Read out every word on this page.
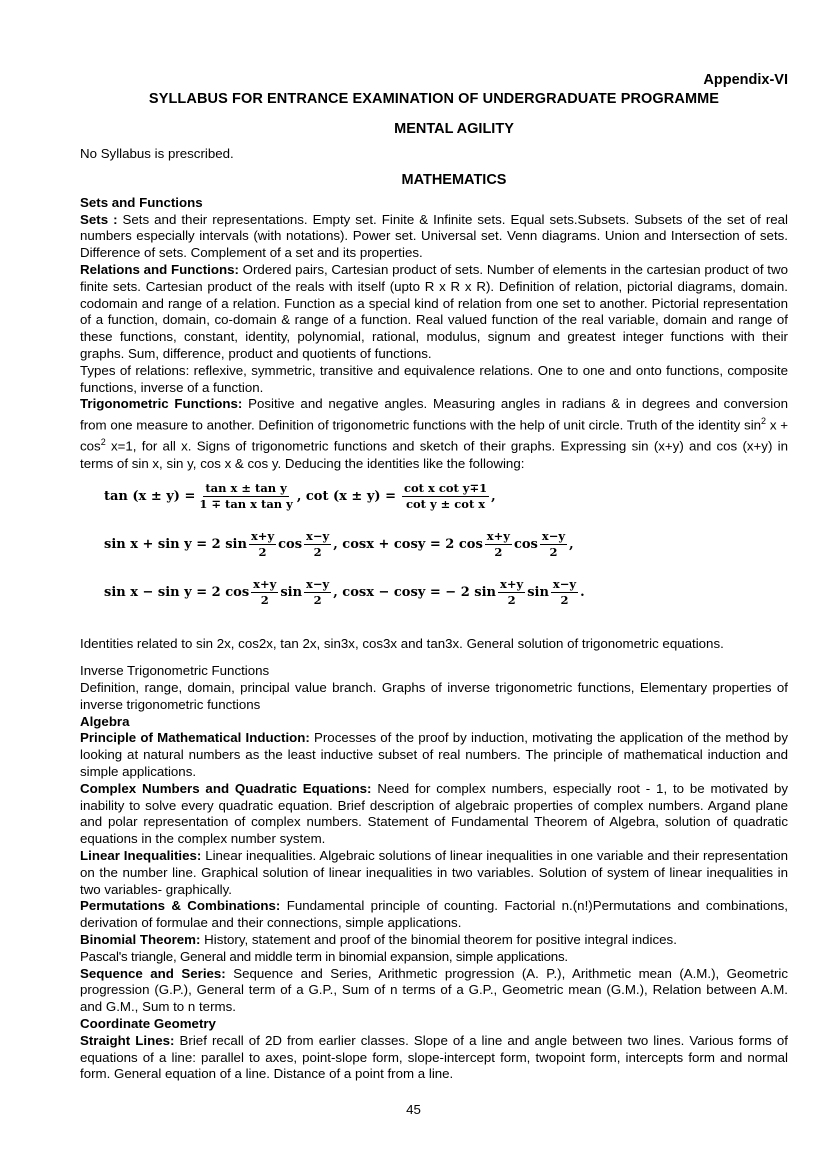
Appendix-VI
SYLLABUS FOR ENTRANCE EXAMINATION OF UNDERGRADUATE PROGRAMME
MENTAL AGILITY

No Syllabus is prescribed.

MATHEMATICS

Sets and Functions

Sets : Sets and their representations. Empty set. Finite & Infinite sets. Equal sets.Subsets. Subsets of the set of real numbers especially intervals (with notations). Power set. Universal set. Venn diagrams. Union and Intersection of sets. Difference of sets. Complement of a set and its properties.

Relations and Functions: Ordered pairs, Cartesian product of sets. Number of elements in the cartesian product of two finite sets. Cartesian product of the reals with itself (upto R x R x R). Definition of relation, pictorial diagrams, domain. codomain and range of a relation. Function as a special kind of relation from one set to another. Pictorial representation of a function, domain, co-domain & range of a function. Real valued function of the real variable, domain and range of these functions, constant, identity, polynomial, rational, modulus, signum and greatest integer functions with their graphs. Sum, difference, product and quotients of functions.

Types of relations: reflexive, symmetric, transitive and equivalence relations. One to one and onto functions, composite functions, inverse of a function.

Trigonometric Functions: Positive and negative angles. Measuring angles in radians & in degrees and conversion from one measure to another. Definition of trigonometric functions with the help of unit circle. Truth of the identity $\sin^2 x + \cos^2 x=1$, for all x. Signs of trigonometric functions and sketch of their graphs. Expressing sin (x+y) and cos (x+y) in terms of sin x, sin y, cos x & cos y. Deducing the identities like the following:

$\tan (x \pm y) = \frac{\text{tan x ± tan y}}{\text{1 ∓ tan x tan y}}$ , $\cot (x \pm y) = \frac{\text{cot x cot y∓1}}{\text{cot y ± cot x}}$ ,
sin x + sin y = 2 $\sin \frac{x+y}{2}$ $\cos \frac{x-y}{2}$ , cosx + cosy = 2 $\cos \frac{x+y}{2}$ $\cos \frac{x-y}{2}$ ,
sin x − sin y = 2 $\cos \frac{x+y}{2}$ $\sin \frac{x-y}{2}$ , cosx − cosy = − 2 $\sin \frac{x+y}{2}$ $\sin \frac{x-y}{2}$ .

Identities related to sin 2x, cos2x, tan 2x, sin3x, cos3x and tan3x. General solution of trigonometric equations.

Inverse Trigonometric Functions

Definition, range, domain, principal value branch. Graphs of inverse trigonometric functions, Elementary properties of inverse trigonometric functions

Algebra

Principle of Mathematical Induction: Processes of the proof by induction, motivating the application of the method by looking at natural numbers as the least inductive subset of real numbers. The principle of mathematical induction and simple applications.

Complex Numbers and Quadratic Equations: Need for complex numbers, especially root - 1, to be motivated by inability to solve every quadratic equation. Brief description of algebraic properties of complex numbers. Argand plane and polar representation of complex numbers. Statement of Fundamental Theorem of Algebra, solution of quadratic equations in the complex number system.

Linear Inequalities: Linear inequalities. Algebraic solutions of linear inequalities in one variable and their representation on the number line. Graphical solution of linear inequalities in two variables. Solution of system of linear inequalities in two variables- graphically.

Permutations & Combinations: Fundamental principle of counting. Factorial n.(n!)Permutations and combinations, derivation of formulae and their connections, simple applications.

Binomial Theorem: History, statement and proof of the binomial theorem for positive integral indices.

Pascal's triangle, General and middle term in binomial expansion, simple applications.

Sequence and Series: Sequence and Series, Arithmetic progression (A. P.), Arithmetic mean (A.M.), Geometric progression (G.P.), General term of a G.P., Sum of n terms of a G.P., Geometric mean (G.M.), Relation between A.M. and G.M., Sum to n terms.

Coordinate Geometry

Straight Lines: Brief recall of 2D from earlier classes. Slope of a line and angle between two lines. Various forms of equations of a line: parallel to axes, point-slope form, slope-intercept form, twopoint form, intercepts form and normal form. General equation of a line. Distance of a point from a line.

45
